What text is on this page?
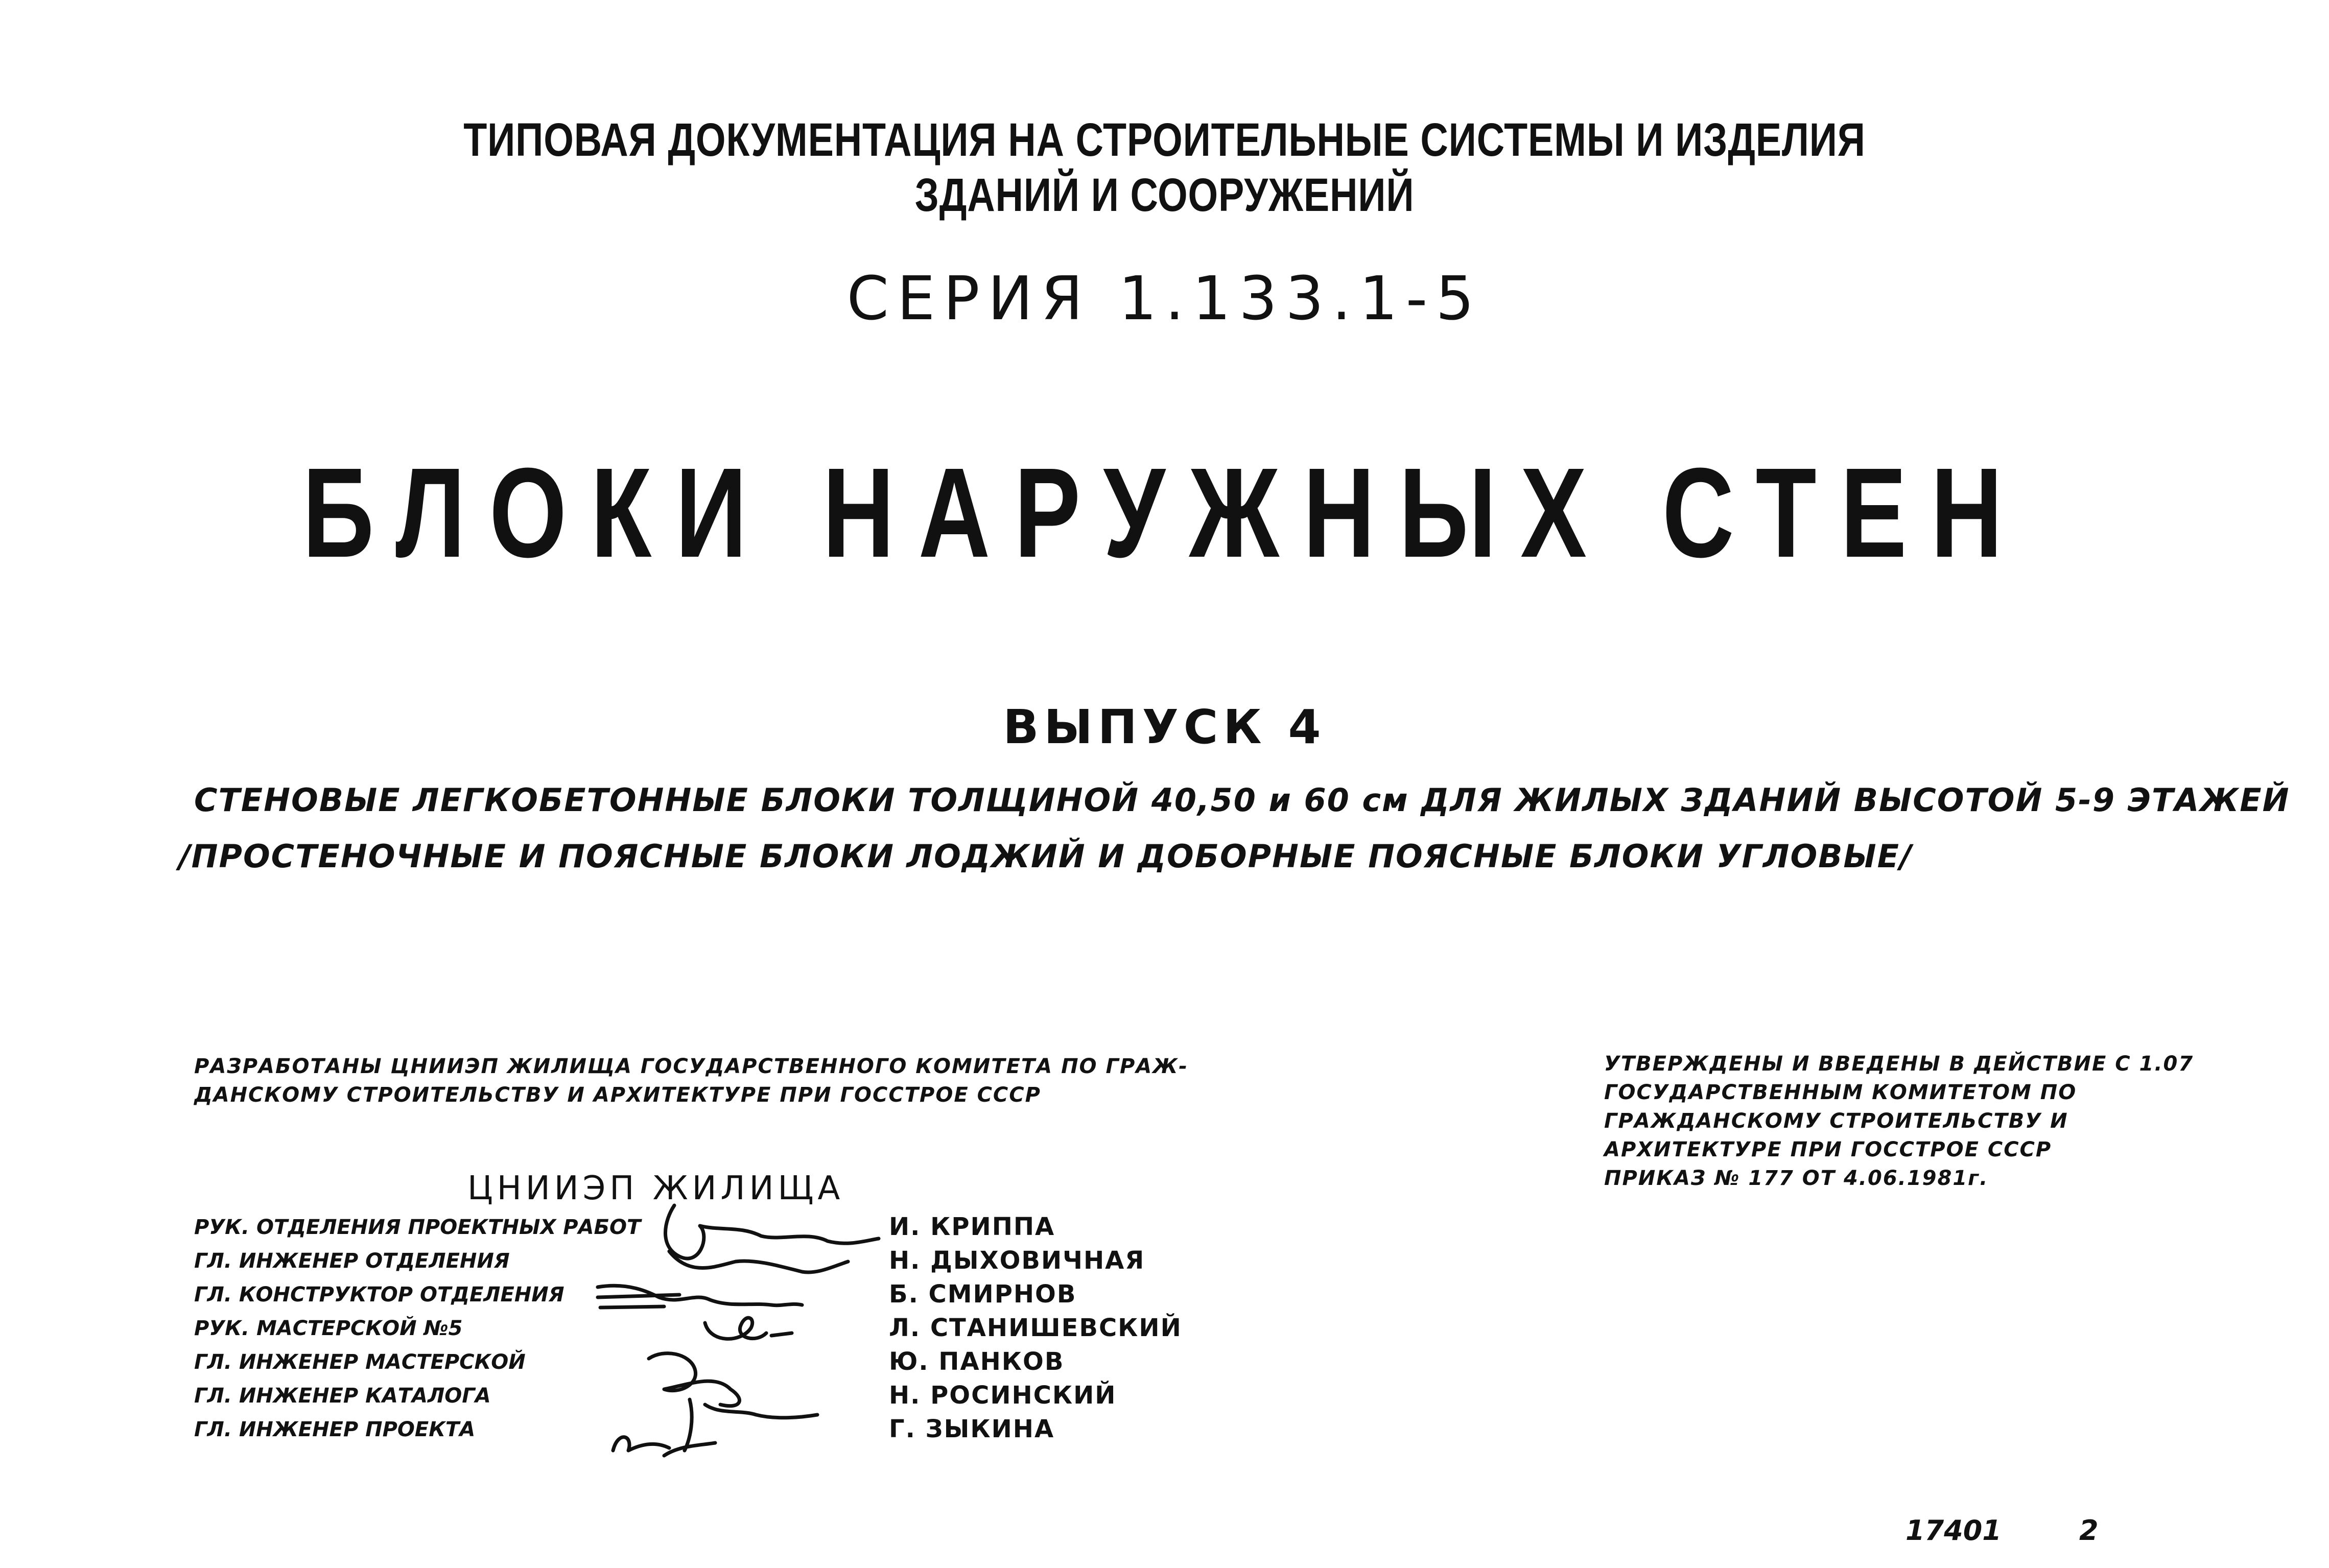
ТИПОВАЯ ДОКУМЕНТАЦИЯ НА СТРОИТЕЛЬНЫЕ СИСТЕМЫ И ИЗДЕЛИЯ
ЗДАНИЙ И СООРУЖЕНИЙ
СЕРИЯ 1.133.1-5
БЛОКИ НАРУЖНЫХ СТЕН
ВЫПУСК 4
СТЕНОВЫЕ ЛЕГКОБЕТОННЫЕ БЛОКИ ТОЛЩИНОЙ 40,50 и 60 см ДЛЯ ЖИЛЫХ ЗДАНИЙ ВЫСОТОЙ 5-9 ЭТАЖЕЙ
/ПРОСТЕНОЧНЫЕ И ПОЯСНЫЕ БЛОКИ ЛОДЖИЙ И ДОБОРНЫЕ ПОЯСНЫЕ БЛОКИ УГЛОВЫЕ/
РАЗРАБОТАНЫ ЦНИИЭП ЖИЛИЩА ГОСУДАРСТВЕННОГО КОМИТЕТА ПО ГРАЖ-
ДАНСКОМУ СТРОИТЕЛЬСТВУ И АРХИТЕКТУРЕ ПРИ ГОССТРОЕ СССР
УТВЕРЖДЕНЫ И ВВЕДЕНЫ В ДЕЙСТВИЕ С 1.07
ГОСУДАРСТВЕННЫМ КОМИТЕТОМ ПО
ГРАЖДАНСКОМУ СТРОИТЕЛЬСТВУ И
АРХИТЕКТУРЕ ПРИ ГОССТРОЕ СССР
ПРИКАЗ № 177 ОТ 4.06.1981г.
ЦНИИЭП ЖИЛИЩА
РУК. ОТДЕЛЕНИЯ ПРОЕКТНЫХ РАБОТ	И. КРИППА
ГЛ. ИНЖЕНЕР ОТДЕЛЕНИЯ	Н. ДЫХОВИЧНАЯ
ГЛ. КОНСТРУКТОР ОТДЕЛЕНИЯ	Б. СМИРНОВ
РУК. МАСТЕРСКОЙ №5	Л. СТАНИШЕВСКИЙ
ГЛ. ИНЖЕНЕР МАСТЕРСКОЙ	Ю. ПАНКОВ
ГЛ. ИНЖЕНЕР КАТАЛОГА	Н. РОСИНСКИЙ
ГЛ. ИНЖЕНЕР ПРОЕКТА	Г. ЗЫКИНА
17401	2
